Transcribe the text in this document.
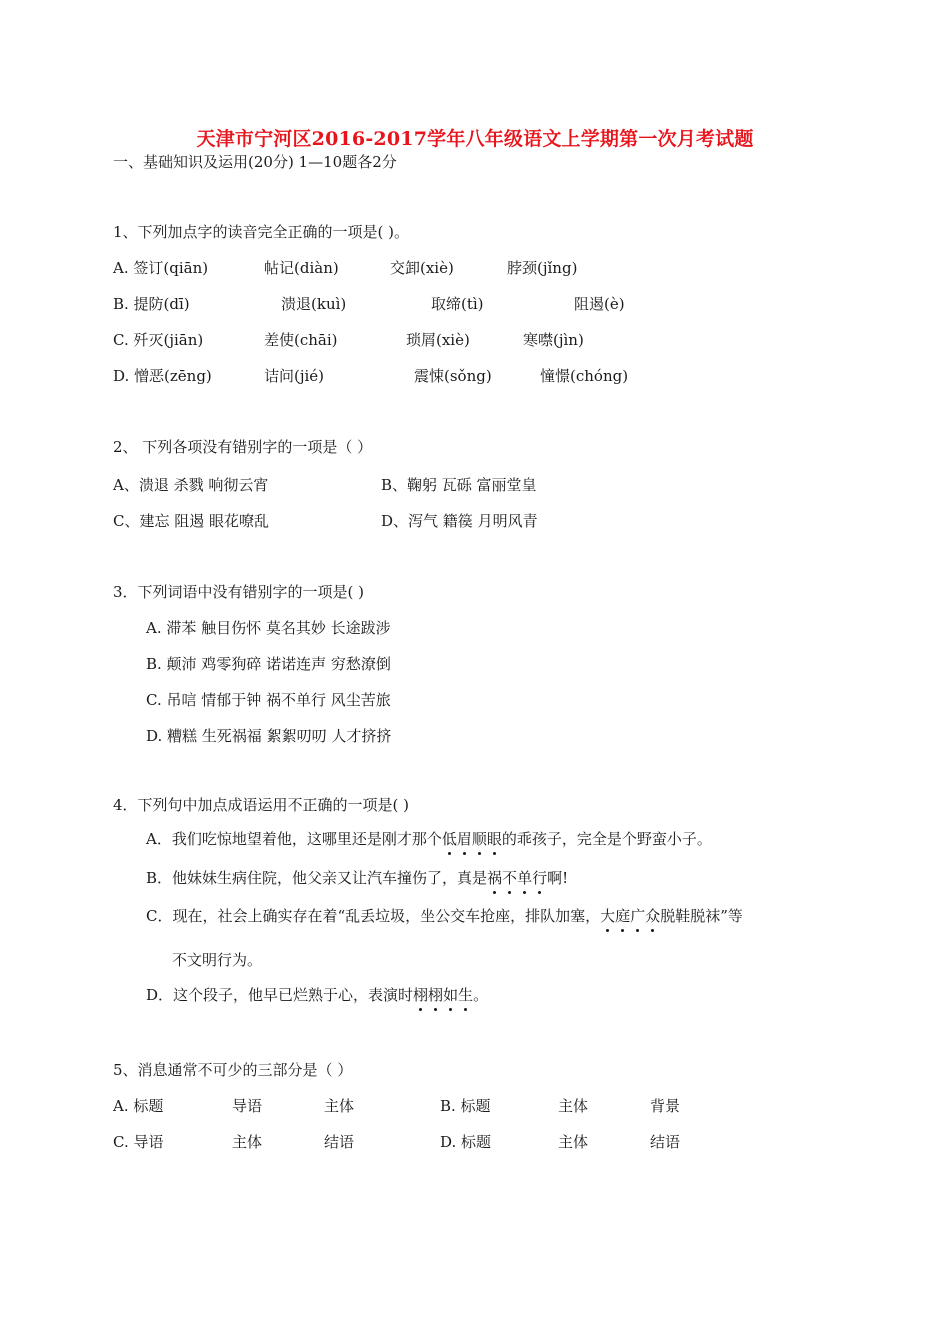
天津市宁河区2016-2017学年八年级语文上学期第一次月考试题
一、基础知识及运用(20分) 1—10题各2分
1、下列加点字的读音完全正确的一项是( )。
A. 签订(qiān)	帖记(diàn)	交卸(xiè)	脖颈(jǐng)
B. 提防(dī)	溃退(kuì)	取缔(tì)	阻遏(è)
C. 歼灭(jiān)	差使(chāi)	琐屑(xiè)	寒噤(jìn)
D. 憎恶(zēng)	诘问(jié)	震悚(sǒng)	憧憬(chóng)
2、 下列各项没有错别字的一项是（ ）
A、溃退 杀戮 响彻云宵	B、鞠躬 瓦砾 富丽堂皇
C、建忘 阻遏 眼花嘹乱	D、泻气 籍篌 月明风青
3．下列词语中没有错别字的一项是( )
A. 滞苯 触目伤怀 莫名其妙 长途跋涉
B. 颠沛 鸡零狗碎 诺诺连声 穷愁潦倒
C. 吊唁 情郁于钟 祸不单行 风尘苦旅
D. 糟糕 生死祸福 絮絮叨叨 人才挤挤
4．下列句中加点成语运用不正确的一项是( )
A．我们吃惊地望着他，这哪里还是刚才那个低眉顺眼的乖孩子，完全是个野蛮小子。
B．他妹妹生病住院，他父亲又让汽车撞伤了，真是祸不单行啊!
C．现在，社会上确实存在着“乱丢垃圾，坐公交车抢座，排队加塞，大庭广众脱鞋脱袜”等
不文明行为。
D．这个段子，他早已烂熟于心，表演时栩栩如生。
5、消息通常不可少的三部分是（ ）
A. 标题	导语	主体	B. 标题	主体	背景
C. 导语	主体	结语	D. 标题	主体	结语
